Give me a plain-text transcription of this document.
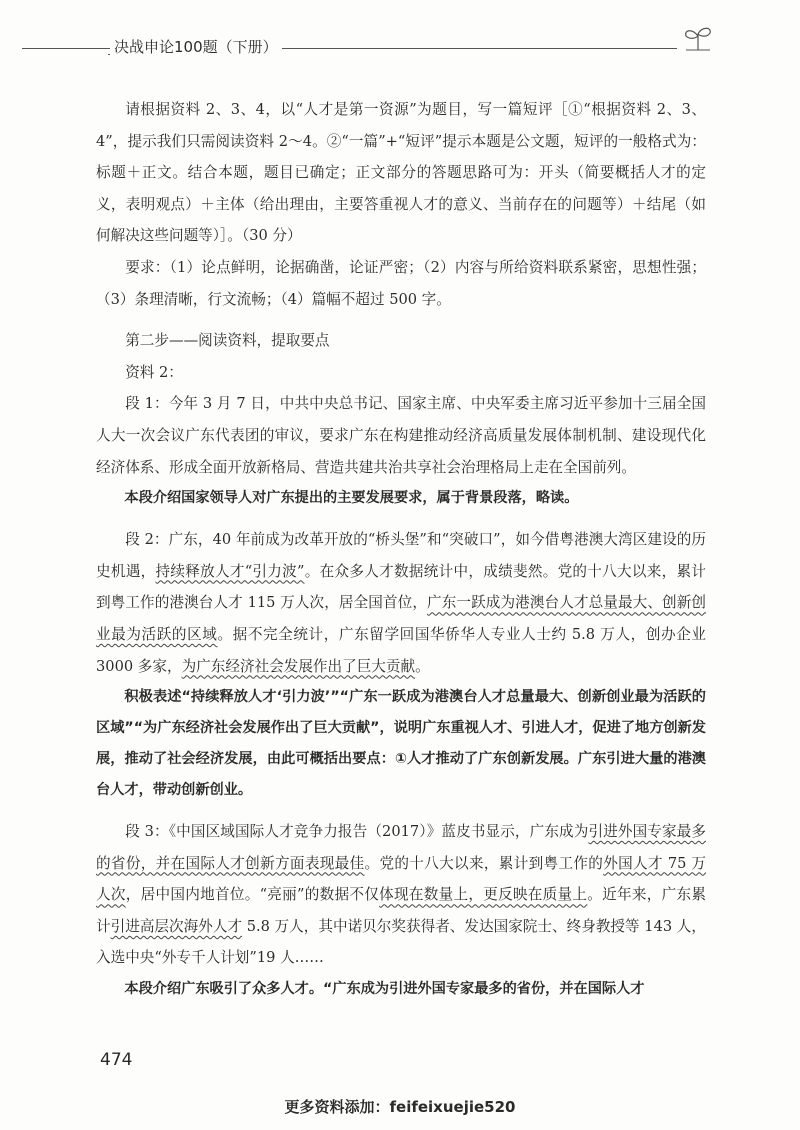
决战申论100题（下册）

请根据资料 2、3、4，以“人才是第一资源”为题目，写一篇短评［①“根据资料 2、3、4”，提示我们只需阅读资料 2～4。②“一篇”+“短评”提示本题是公文题，短评的一般格式为：标题＋正文。结合本题，题目已确定；正文部分的答题思路可为：开头（简要概括人才的定义，表明观点）＋主体（给出理由，主要答重视人才的意义、当前存在的问题等）＋结尾（如何解决这些问题等）］。（30 分）

要求：（1）论点鲜明，论据确凿，论证严密；（2）内容与所给资料联系紧密，思想性强；（3）条理清晰，行文流畅；（4）篇幅不超过 500 字。

第二步——阅读资料，提取要点

资料 2：

段 1：今年 3 月 7 日，中共中央总书记、国家主席、中央军委主席习近平参加十三届全国人大一次会议广东代表团的审议，要求广东在构建推动经济高质量发展体制机制、建设现代化经济体系、形成全面开放新格局、营造共建共治共享社会治理格局上走在全国前列。

本段介绍国家领导人对广东提出的主要发展要求，属于背景段落，略读。

段 2：广东，40 年前成为改革开放的“桥头堡”和“突破口”，如今借粤港澳大湾区建设的历史机遇，持续释放人才“引力波”。在众多人才数据统计中，成绩斐然。党的十八大以来，累计到粤工作的港澳台人才 115 万人次，居全国首位，广东一跃成为港澳台人才总量最大、创新创业最为活跃的区域。据不完全统计，广东留学回国华侨华人专业人士约 5.8 万人，创办企业 3000 多家，为广东经济社会发展作出了巨大贡献。

积极表述“持续释放人才‘引力波’”“广东一跃成为港澳台人才总量最大、创新创业最为活跃的区域”“为广东经济社会发展作出了巨大贡献”，说明广东重视人才、引进人才，促进了地方创新发展，推动了社会经济发展，由此可概括出要点：①人才推动了广东创新发展。广东引进大量的港澳台人才，带动创新创业。

段 3：《中国区域国际人才竞争力报告（2017）》蓝皮书显示，广东成为引进外国专家最多的省份，并在国际人才创新方面表现最佳。党的十八大以来，累计到粤工作的外国人才 75 万人次，居中国内地首位。“亮丽”的数据不仅体现在数量上，更反映在质量上。近年来，广东累计引进高层次海外人才 5.8 万人，其中诺贝尔奖获得者、发达国家院士、终身教授等 143 人，入选中央“外专千人计划”19 人……

本段介绍广东吸引了众多人才。“广东成为引进外国专家最多的省份，并在国际人才

474
更多资料添加：feifeixuejie520
